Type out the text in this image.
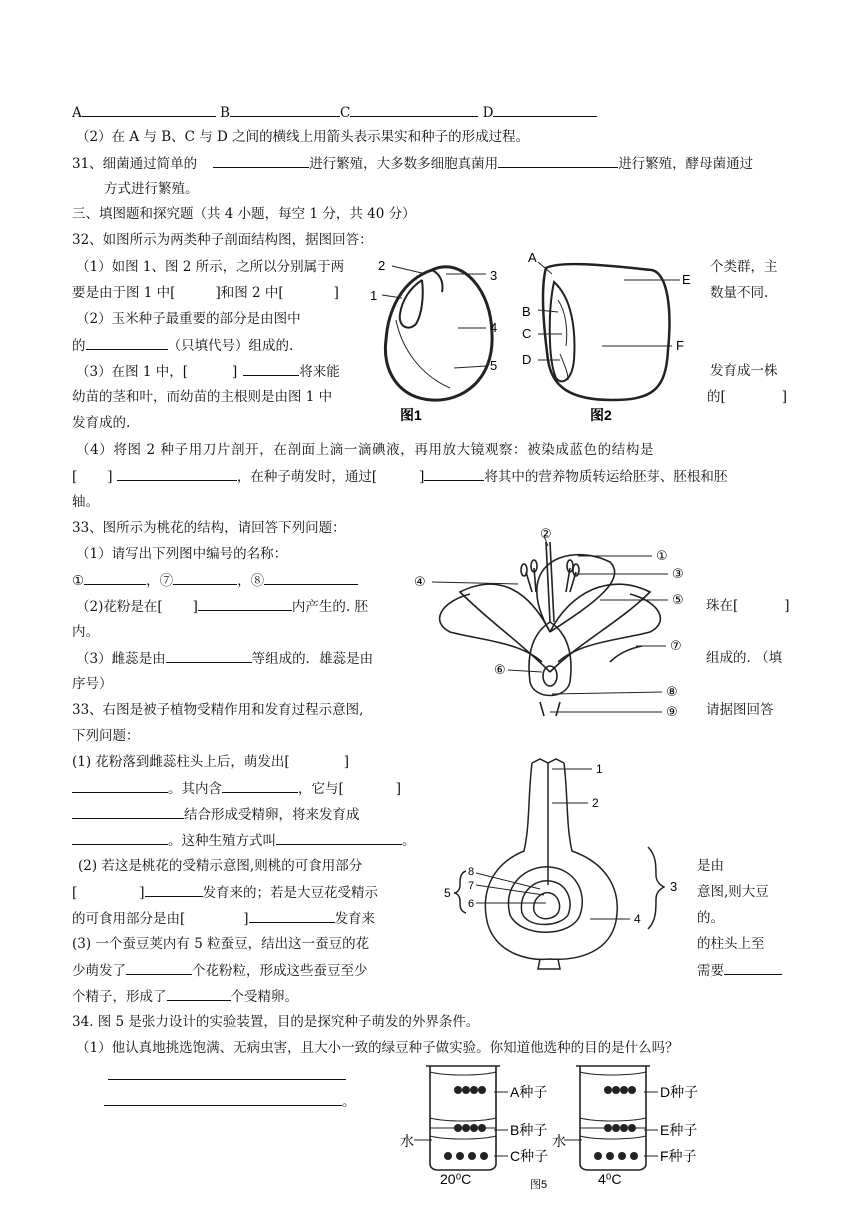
A	B	C	D
（2）在 A 与 B、C 与 D 之间的横线上用箭头表示果实和种子的形成过程。
31、细菌通过简单的	进行繁殖，大多数多细胞真菌用	进行繁殖，酵母菌通过
方式进行繁殖。
三、填图题和探究题（共 4 小题，每空 1 分，共 40 分）
32、如图所示为两类种子剖面结构图，据图回答：
（1）如图 1、图 2 所示，之所以分别属于两	个类群，主
要是由于图 1 中[	]和图 2 中[	]	数量不同.
（2）玉米种子最重要的部分是由图中
的	（只填代号）组成的.
（3）在图 1 中，[	]	将来能	发育成一株
幼苗的茎和叶，而幼苗的主根则是由图 1 中	的[	]
发育成的.
（4）将图 2 种子用刀片剖开，在剖面上滴一滴碘液，再用放大镜观察：被染成蓝色的结构是
[ ]	，在种子萌发时，通过[	]	将其中的营养物质转运给胚芽、胚根和胚
轴。
33、图所示为桃花的结构，请回答下列问题：
（1）请写出下列图中编号的名称：
①	，⑦	，⑧
（2)花粉是在[ ]	内产生的. 胚	珠在[	]
内。
（3）雌蕊是由	等组成的．雄蕊是由	组成的. （填
序号）
33、右图是被子植物受精作用和发育过程示意图,	请据图回答
下列问题：
(1) 花粉落到雌蕊柱头上后，萌发出[	]
。其内含	，它与[	]
结合形成受精卵，将来发育成
。这种生殖方式叫	。
(2) 若这是桃花的受精示意图,则桃的可食用部分	是由
[	]	发育来的；若是大豆花受精示	意图,则大豆
的可食用部分是由[	]	发育来	的。
(3) 一个蚕豆荚内有 5 粒蚕豆，结出这一蚕豆的花	的柱头上至
少萌发了	个花粉粒，形成这些蚕豆至少	需要
个精子，形成了	个受精卵。
34. 图 5 是张力设计的实验装置，目的是探究种子萌发的外界条件。
（1）他认真地挑选饱满、无病虫害，且大小一致的绿豆种子做实验。你知道他选种的目的是什么吗？
。
2
1
3
4
5
图1
A
B
C
D
E
F
图2
②
①
③
④
⑤
⑦
⑥
⑧
⑨
1
2
3
4
5
8
7
6
A种子
B种子
C种子
水
20⁰C
D种子
E种子
F种子
水
4⁰C
图5
